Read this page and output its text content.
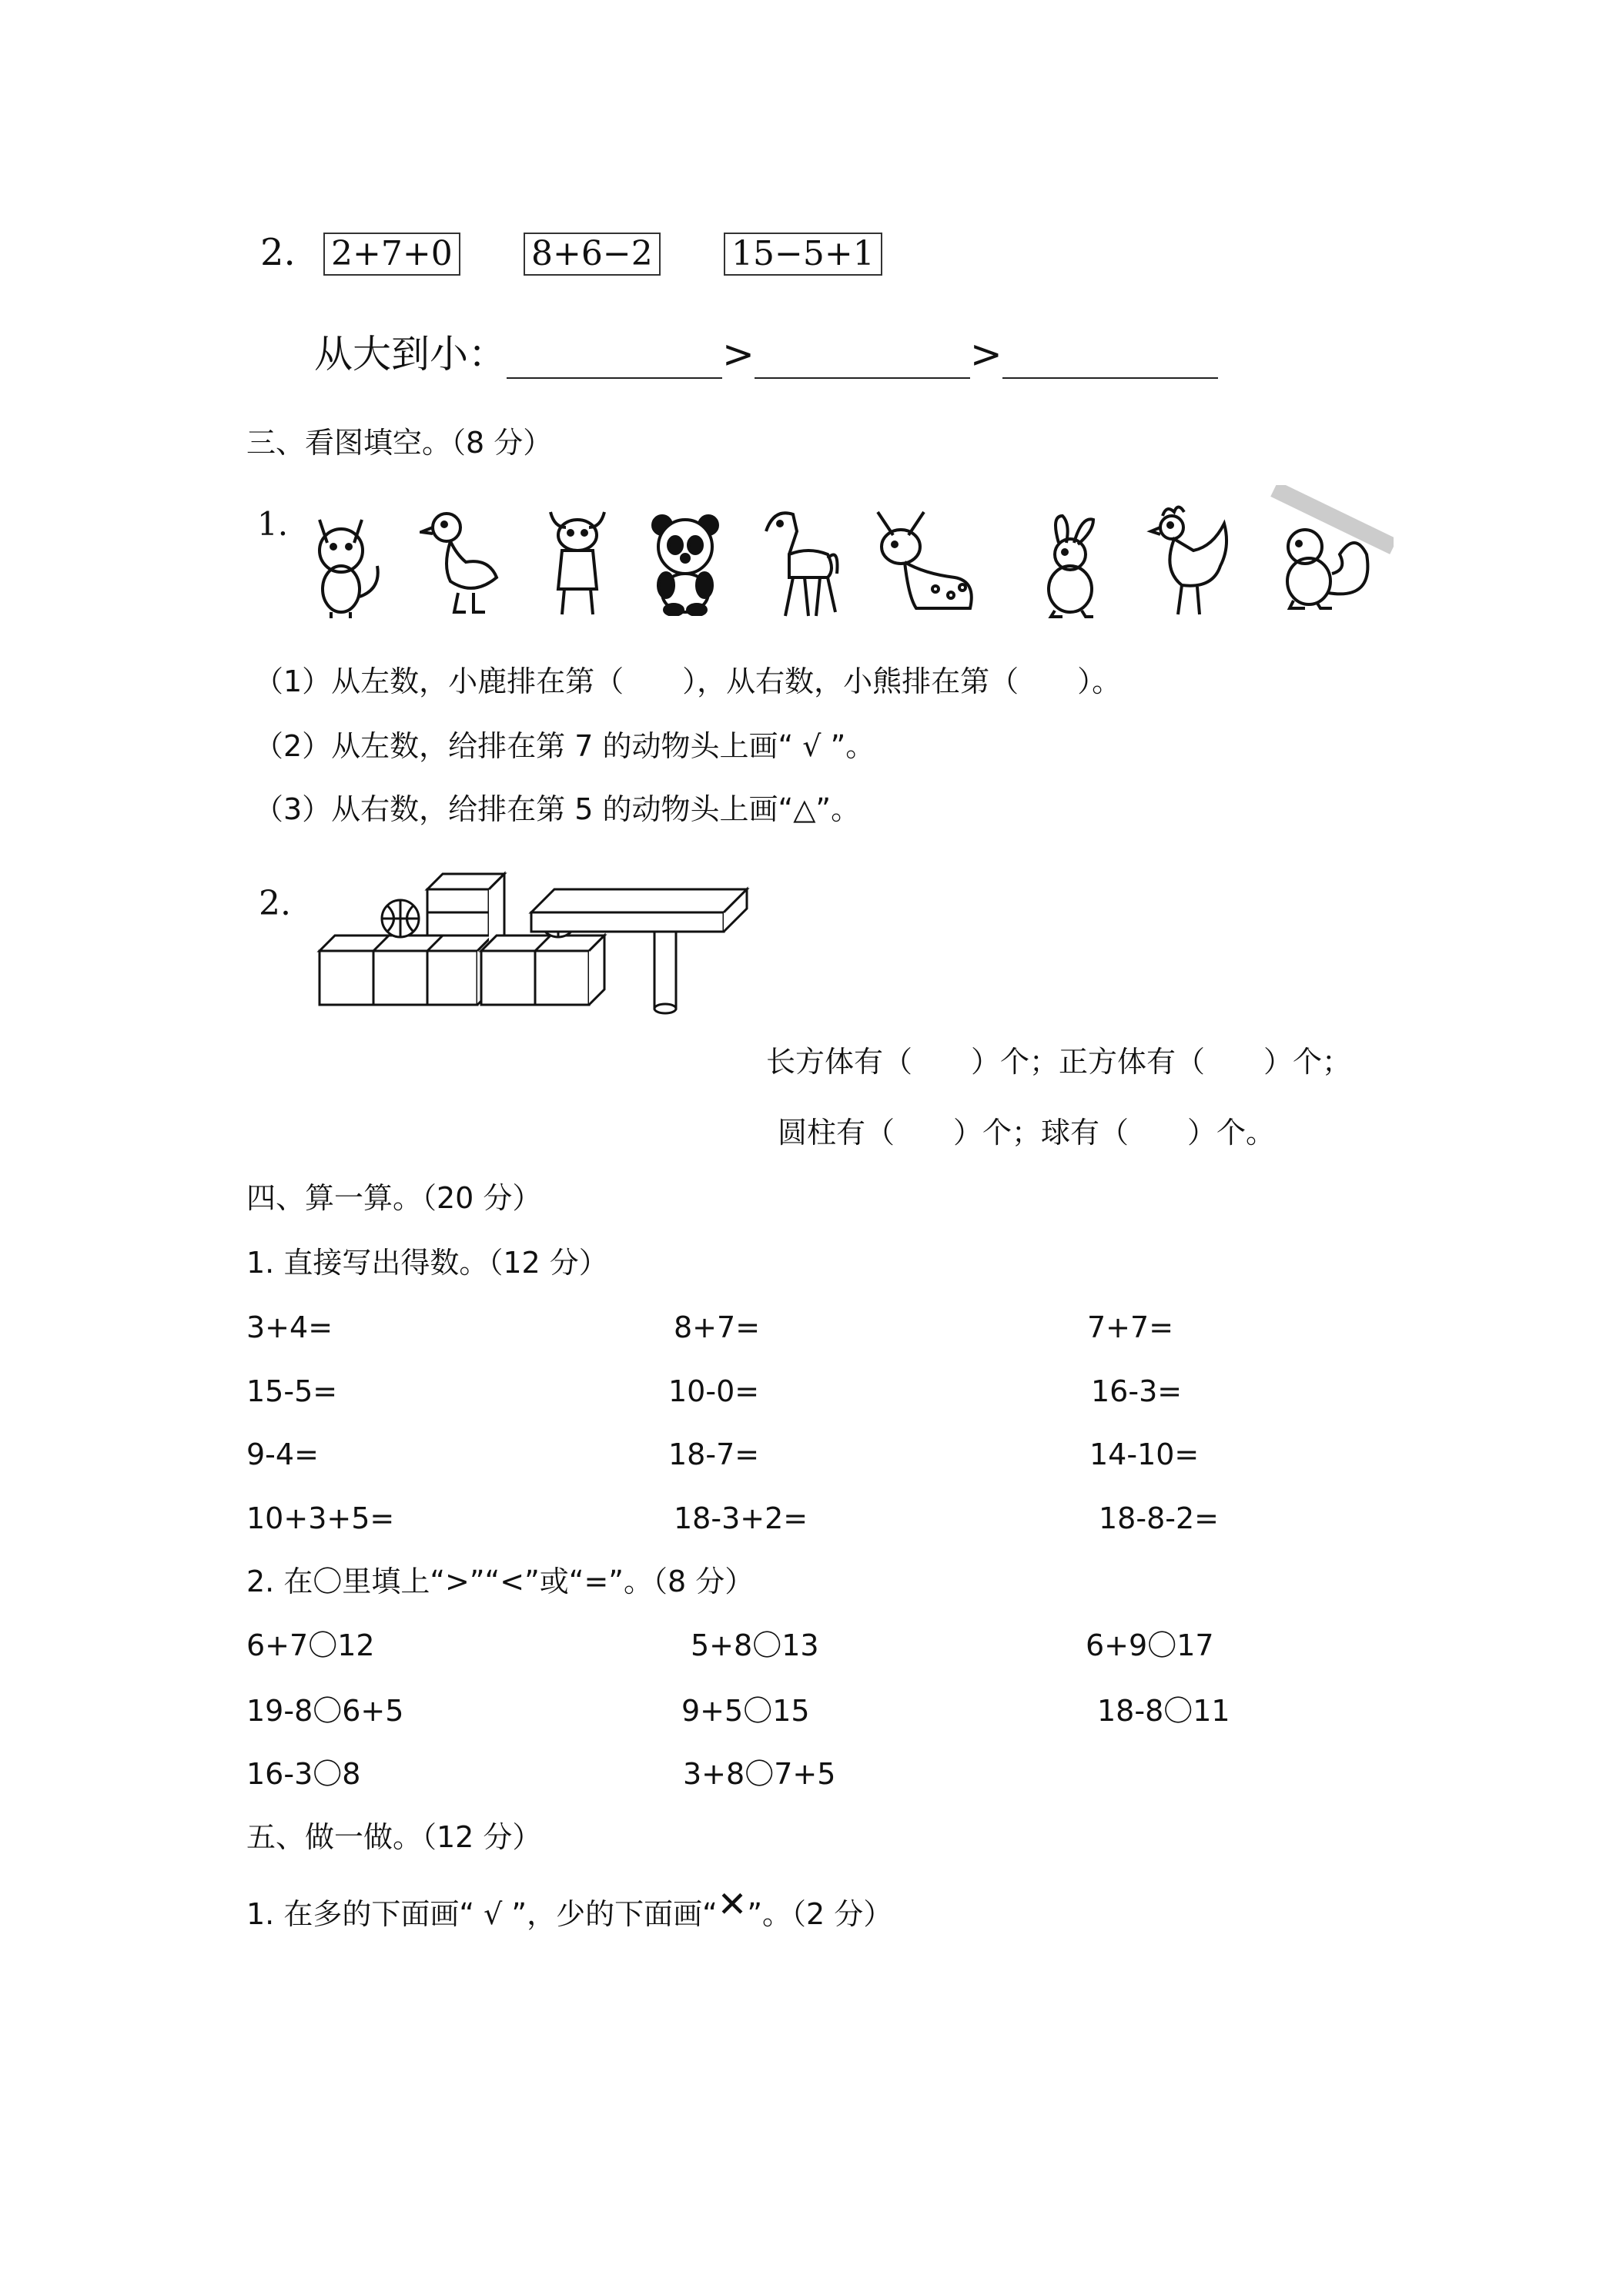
2. 2+7+0 8+6−2 15−5+1
从大到小：	>	>
三、看图填空。（8 分）
1.
（1）从左数，小鹿排在第（　　），从右数，小熊排在第（　　）。
（2）从左数，给排在第 7 的动物头上画“ √ ”。
（3）从右数，给排在第 5 的动物头上画“△”。
2.
长方体有（　　）个；正方体有（　　）个；
圆柱有（　　）个；球有（　　）个。
四、算一算。（20 分）
1. 直接写出得数。（12 分）
3+4=	8+7=	7+7=
15-5=	10-0=	16-3=
9-4=	18-7=	14-10=
10+3+5=	18-3+2=	18-8-2=
2. 在〇里填上“>”“<”或“=”。（8 分）
6+7〇12	5+8〇13	6+9〇17
19-8〇6+5	9+5〇15	18-8〇11
16-3〇8	3+8〇7+5
五、做一做。（12 分）
1. 在多的下面画“ √ ”，少的下面画“✕”。（2 分）
